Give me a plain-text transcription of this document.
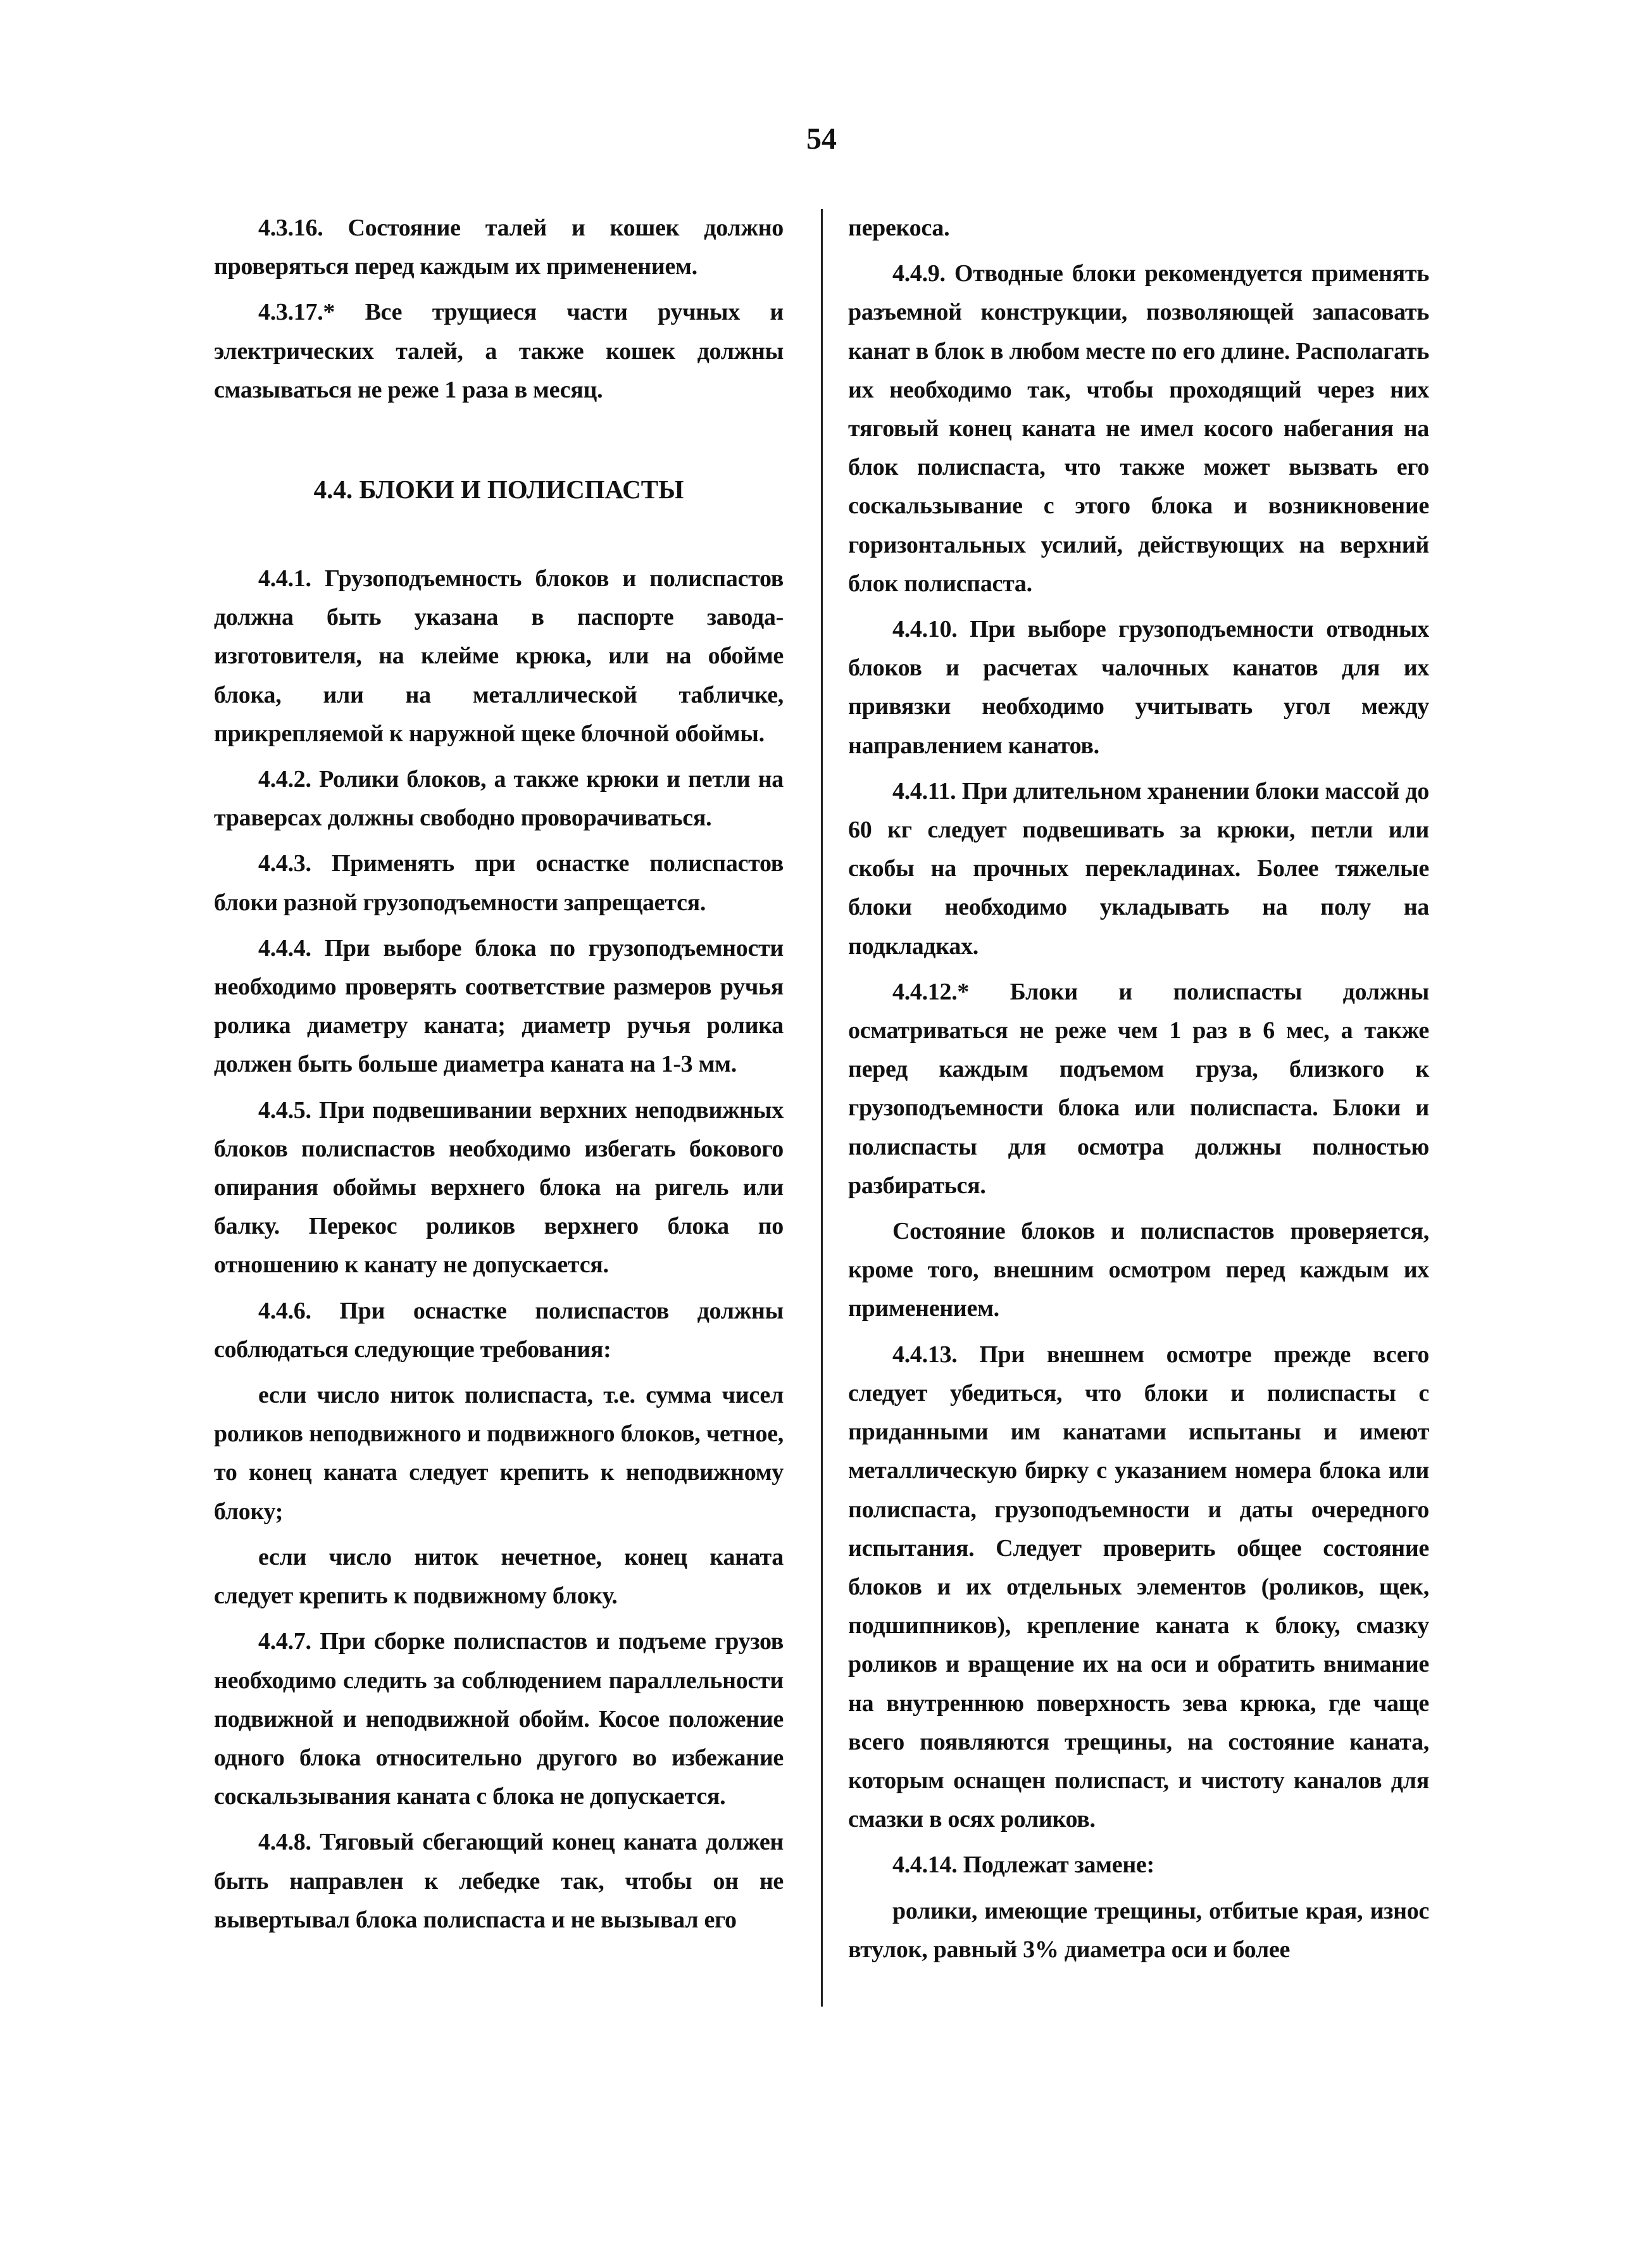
54

4.3.16. Состояние талей и кошек должно проверяться перед каждым их применением.

4.3.17.* Все трущиеся части ручных и электрических талей, а также кошек должны смазываться не реже 1 раза в месяц.

4.4. БЛОКИ И ПОЛИСПАСТЫ

4.4.1. Грузоподъемность блоков и полиспастов должна быть указана в паспорте завода-изготовителя, на клейме крюка, или на обойме блока, или на металлической табличке, прикрепляемой к наружной щеке блочной обоймы.

4.4.2. Ролики блоков, а также крюки и петли на траверсах должны свободно проворачиваться.

4.4.3. Применять при оснастке полиспастов блоки разной грузоподъемности запрещается.

4.4.4. При выборе блока по грузоподъемности необходимо проверять соответствие размеров ручья ролика диаметру каната; диаметр ручья ролика должен быть больше диаметра каната на 1-3 мм.

4.4.5. При подвешивании верхних неподвижных блоков полиспастов необходимо избегать бокового опирания обоймы верхнего блока на ригель или балку. Перекос роликов верхнего блока по отношению к канату не допускается.

4.4.6. При оснастке полиспастов должны соблюдаться следующие требования:

если число ниток полиспаста, т.е. сумма чисел роликов неподвижного и подвижного блоков, четное, то конец каната следует крепить к неподвижному блоку;

если число ниток нечетное, конец каната следует крепить к подвижному блоку.

4.4.7. При сборке полиспастов и подъеме грузов необходимо следить за соблюдением параллельности подвижной и неподвижной обойм. Косое положение одного блока относительно другого во избежание соскальзывания каната с блока не допускается.

4.4.8. Тяговый сбегающий конец каната должен быть направлен к лебедке так, чтобы он не вывертывал блока полиспаста и не вызывал его

перекоса.

4.4.9. Отводные блоки рекомендуется применять разъемной конструкции, позволяющей запасовать канат в блок в любом месте по его длине. Располагать их необходимо так, чтобы проходящий через них тяговый конец каната не имел косого набегания на блок полиспаста, что также может вызвать его соскальзывание с этого блока и возникновение горизонтальных усилий, действующих на верхний блок полиспаста.

4.4.10. При выборе грузоподъемности отводных блоков и расчетах чалочных канатов для их привязки необходимо учитывать угол между направлением канатов.

4.4.11. При длительном хранении блоки массой до 60 кг следует подвешивать за крюки, петли или скобы на прочных перекладинах. Более тяжелые блоки необходимо укладывать на полу на подкладках.

4.4.12.* Блоки и полиспасты должны осматриваться не реже чем 1 раз в 6 мес, а также перед каждым подъемом груза, близкого к грузоподъемности блока или полиспаста. Блоки и полиспасты для осмотра должны полностью разбираться.

Состояние блоков и полиспастов проверяется, кроме того, внешним осмотром перед каждым их применением.

4.4.13. При внешнем осмотре прежде всего следует убедиться, что блоки и полиспасты с приданными им канатами испытаны и имеют металлическую бирку с указанием номера блока или полиспаста, грузоподъемности и даты очередного испытания. Следует проверить общее состояние блоков и их отдельных элементов (роликов, щек, подшипников), крепление каната к блоку, смазку роликов и вращение их на оси и обратить внимание на внутреннюю поверхность зева крюка, где чаще всего появляются трещины, на состояние каната, которым оснащен полиспаст, и чистоту каналов для смазки в осях роликов.

4.4.14. Подлежат замене:

ролики, имеющие трещины, отбитые края, износ втулок, равный 3% диаметра оси и более
